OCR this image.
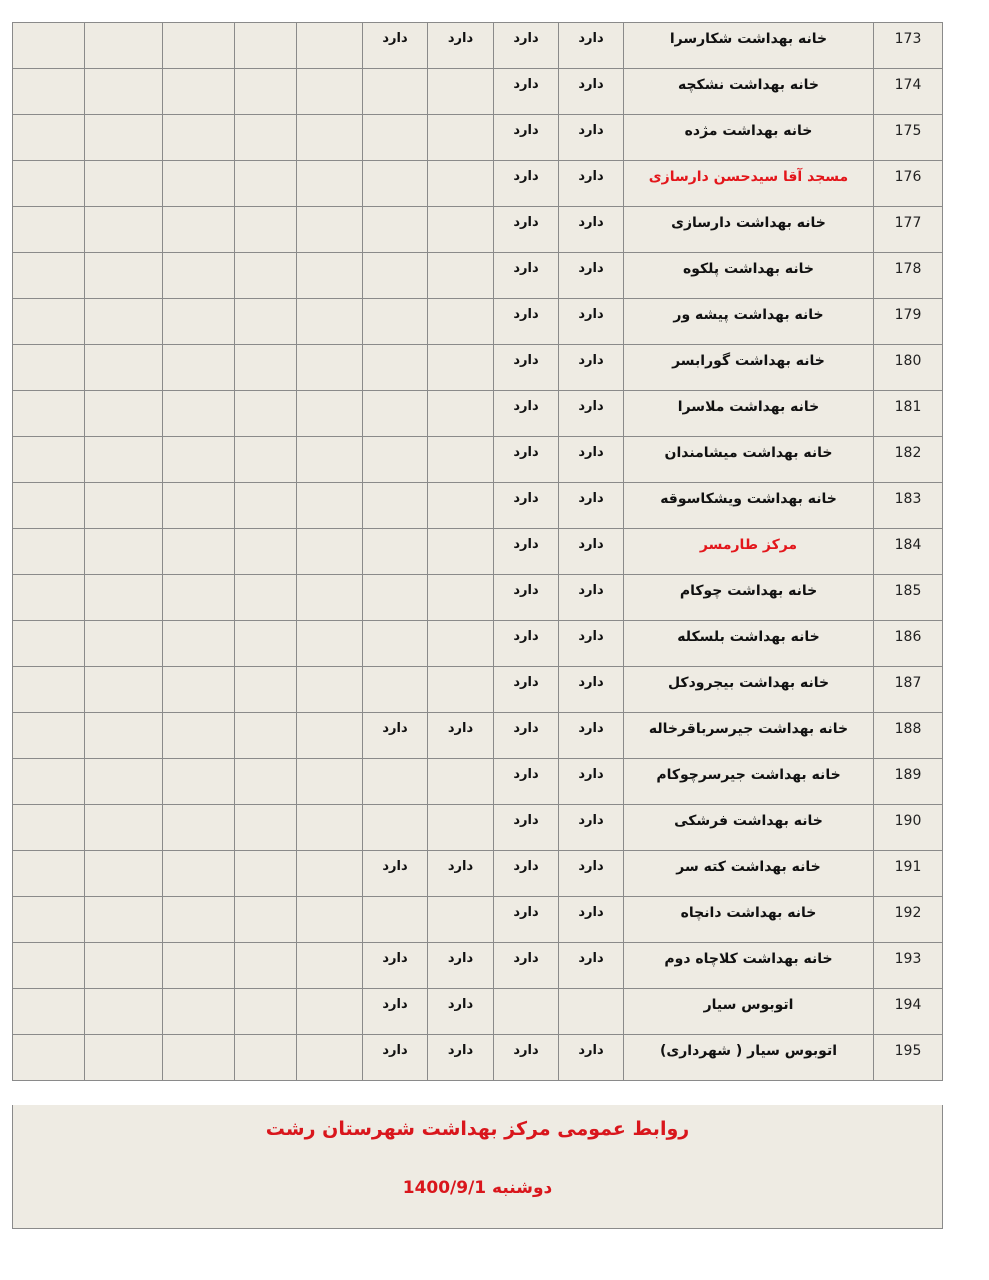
					دارد	دارد	دارد	دارد	خانه بهداشت شکارسرا	173
							دارد	دارد	خانه بهداشت نشکچه	174
							دارد	دارد	خانه بهداشت مژده	175
							دارد	دارد	مسجد آقا سیدحسن دارسازی	176
							دارد	دارد	خانه بهداشت دارسازی	177
							دارد	دارد	خانه بهداشت پلکوه	178
							دارد	دارد	خانه بهداشت پیشه ور	179
							دارد	دارد	خانه بهداشت گورابسر	180
							دارد	دارد	خانه بهداشت ملاسرا	181
							دارد	دارد	خانه بهداشت میشامندان	182
							دارد	دارد	خانه بهداشت ویشکاسوقه	183
							دارد	دارد	مرکز طارمسر	184
							دارد	دارد	خانه بهداشت چوکام	185
							دارد	دارد	خانه بهداشت بلسکله	186
							دارد	دارد	خانه بهداشت بیجرودکل	187
					دارد	دارد	دارد	دارد	خانه بهداشت جیرسرباقرخاله	188
							دارد	دارد	خانه بهداشت جیرسرچوکام	189
							دارد	دارد	خانه بهداشت فرشکی	190
					دارد	دارد	دارد	دارد	خانه بهداشت کته سر	191
							دارد	دارد	خانه بهداشت دانچاه	192
					دارد	دارد	دارد	دارد	خانه بهداشت کلاچاه دوم	193
					دارد	دارد			اتوبوس سیار	194
					دارد	دارد	دارد	دارد	اتوبوس سیار ( شهرداری)	195
روابط عمومی مرکز بهداشت شهرستان رشت
دوشنبه 1400/9/1
